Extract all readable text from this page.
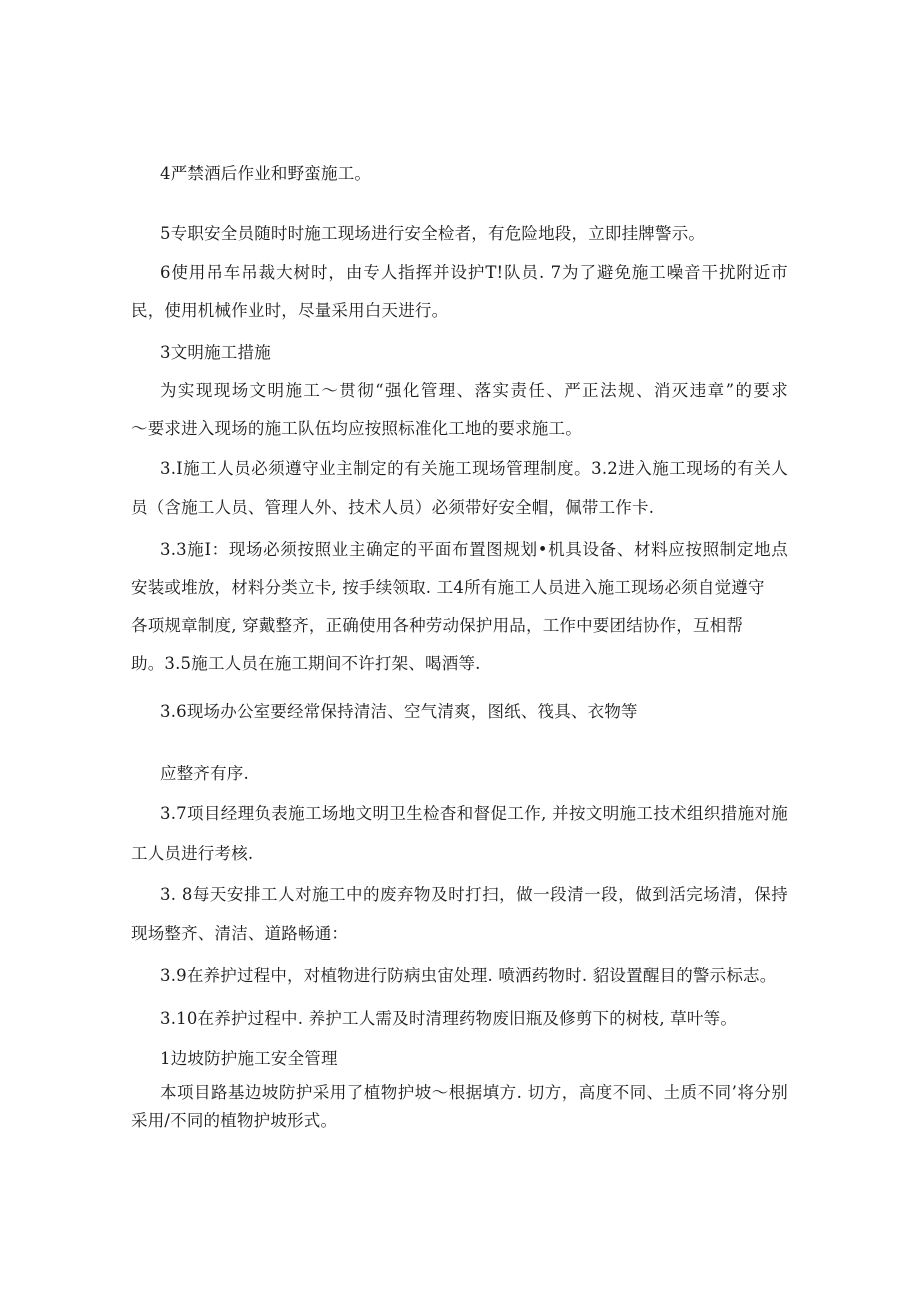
4严禁酒后作业和野蛮施工。

5专职安全员随时时施工现场进行安全检者，有危险地段，立即挂牌警示。

6使用吊车吊裁大树时，由专人指挥并设护T!队员. 7为了避免施工噪音干扰附近市

民，使用机械作业时，尽量采用白天进行。

3文明施工措施

为实现现场文明施工～贯彻“强化管理、落实责任、严正法规、消灭违章”的要求

～要求进入现场的施工队伍均应按照标准化工地的要求施工。

3.I施工人员必须遵守业主制定的有关施工现场管理制度。3.2进入施工现场的有关人

员（含施工人员、管理人外、技术人员）必须带好安全帽，佩带工作卡.

3.3施I：现场必须按照业主确定的平面布置图规划•机具设备、材料应按照制定地点

安装或堆放，材料分类立卡, 按手续领取. 工4所有施工人员进入施工现场必须自觉遵守

各项规章制度, 穿戴整齐，正确使用各种劳动保护用品，工作中要团结协作，互相帮

助。3.5施工人员在施工期间不许打架、喝酒等.

3.6现场办公室要经常保持清洁、空气清爽，图纸、筏具、衣物等

应整齐有序.

3.7项目经理负表施工场地文明卫生检杳和督促工作, 并按文明施工技术组织措施对施

工人员进行考核.

3. 8每天安排工人对施工中的废弃物及时打扫，做一段清一段，做到活完场清，保持

现场整齐、清洁、道路畅通：

3.9在养护过程中，对植物进行防病虫宙处理. 喷洒药物时. 貂设置醒目的警示标志。

3.10在养护过程中. 养护工人需及时清理药物废旧瓶及修剪下的树枝, 草叶等。

1边坡防护施工安全管理

本项目路基边坡防护采用了植物护坡～根据填方. 切方，高度不同、土质不同’将分别

采用/不同的植物护坡形式。
